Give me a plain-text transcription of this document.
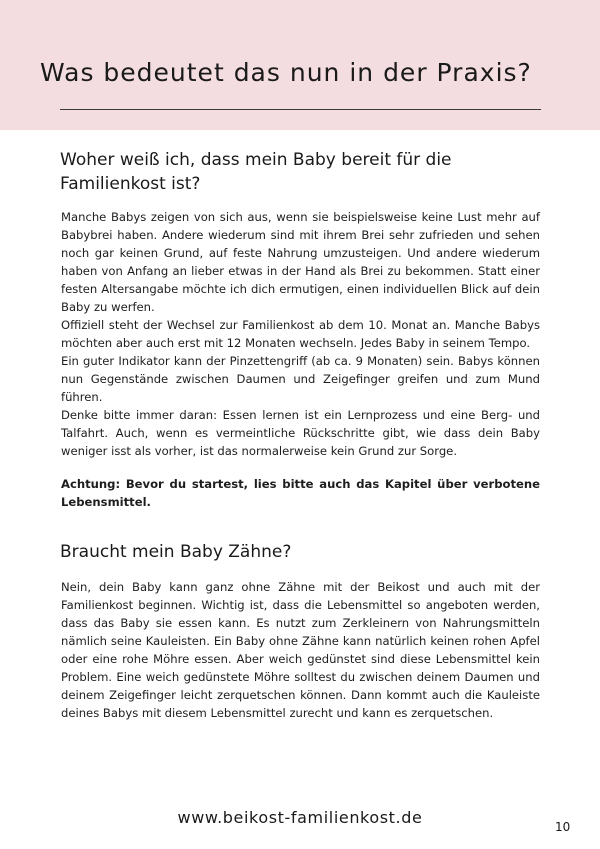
Was bedeutet das nun in der Praxis?
Woher weiß ich, dass mein Baby bereit für die Familienkost ist?

Manche Babys zeigen von sich aus, wenn sie beispielsweise keine Lust mehr auf Babybrei haben. Andere wiederum sind mit ihrem Brei sehr zufrieden und sehen noch gar keinen Grund, auf feste Nahrung umzusteigen. Und andere wiederum haben von Anfang an lieber etwas in der Hand als Brei zu bekommen. Statt einer festen Altersangabe möchte ich dich ermutigen, einen individuellen Blick auf dein Baby zu werfen.

Offiziell steht der Wechsel zur Familienkost ab dem 10. Monat an. Manche Babys möchten aber auch erst mit 12 Monaten wechseln. Jedes Baby in seinem Tempo.

Ein guter Indikator kann der Pinzettengriff (ab ca. 9 Monaten) sein. Babys können nun Gegenstände zwischen Daumen und Zeigefinger greifen und zum Mund führen.

Denke bitte immer daran: Essen lernen ist ein Lernprozess und eine Berg- und Talfahrt. Auch, wenn es vermeintliche Rückschritte gibt, wie dass dein Baby weniger isst als vorher, ist das normalerweise kein Grund zur Sorge.

Achtung: Bevor du startest, lies bitte auch das Kapitel über verbotene Lebensmittel.

Braucht mein Baby Zähne?

Nein, dein Baby kann ganz ohne Zähne mit der Beikost und auch mit der Familienkost beginnen. Wichtig ist, dass die Lebensmittel so angeboten werden, dass das Baby sie essen kann. Es nutzt zum Zerkleinern von Nahrungsmitteln nämlich seine Kauleisten. Ein Baby ohne Zähne kann natürlich keinen rohen Apfel oder eine rohe Möhre essen. Aber weich gedünstet sind diese Lebensmittel kein Problem. Eine weich gedünstete Möhre solltest du zwischen deinem Daumen und deinem Zeigefinger leicht zerquetschen können. Dann kommt auch die Kauleiste deines Babys mit diesem Lebensmittel zurecht und kann es zerquetschen.

www.beikost-familienkost.de	10
